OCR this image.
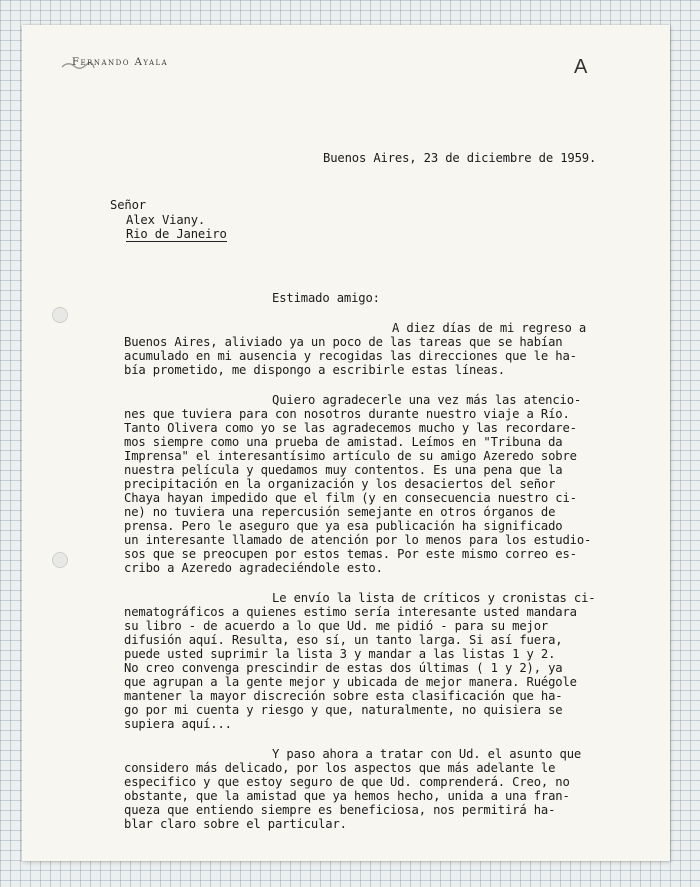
Fernando Ayala	A
Buenos Aires, 23 de diciembre de 1959.
Señor
Alex Viany.
Rio de Janeiro
Estimado amigo:
A diez días de mi regreso a
Buenos Aires, aliviado ya un poco de las tareas que se habían
acumulado en mi ausencia y recogidas las direcciones que le ha-
bía prometido, me dispongo a escribirle estas líneas.
Quiero agradecerle una vez más las atencio-
nes que tuviera para con nosotros durante nuestro viaje a Río.
Tanto Olivera como yo se las agradecemos mucho y las recordare-
mos siempre como una prueba de amistad. Leímos en "Tribuna da
Imprensa" el interesantísimo artículo de su amigo Azeredo sobre
nuestra película y quedamos muy contentos. Es una pena que la
precipitación en la organización y los desaciertos del señor
Chaya hayan impedido que el film (y en consecuencia nuestro ci-
ne) no tuviera una repercusión semejante en otros órganos de
prensa. Pero le aseguro que ya esa publicación ha significado
un interesante llamado de atención por lo menos para los estudio-
sos que se preocupen por estos temas. Por este mismo correo es-
cribo a Azeredo agradeciéndole esto.
Le envío la lista de críticos y cronistas ci-
nematográficos a quienes estimo sería interesante usted mandara
su libro - de acuerdo a lo que Ud. me pidió - para su mejor
difusión aquí. Resulta, eso sí, un tanto larga. Si así fuera,
puede usted suprimir la lista 3 y mandar a las listas 1 y 2.
No creo convenga prescindir de estas dos últimas ( 1 y 2), ya
que agrupan a la gente mejor y ubicada de mejor manera. Ruégole
mantener la mayor discreción sobre esta clasificación que ha-
go por mi cuenta y riesgo y que, naturalmente, no quisiera se
supiera aquí...
Y paso ahora a tratar con Ud. el asunto que
considero más delicado, por los aspectos que más adelante le
especifico y que estoy seguro de que Ud. comprenderá. Creo, no
obstante, que la amistad que ya hemos hecho, unida a una fran-
queza que entiendo siempre es beneficiosa, nos permitirá ha-
blar claro sobre el particular.
